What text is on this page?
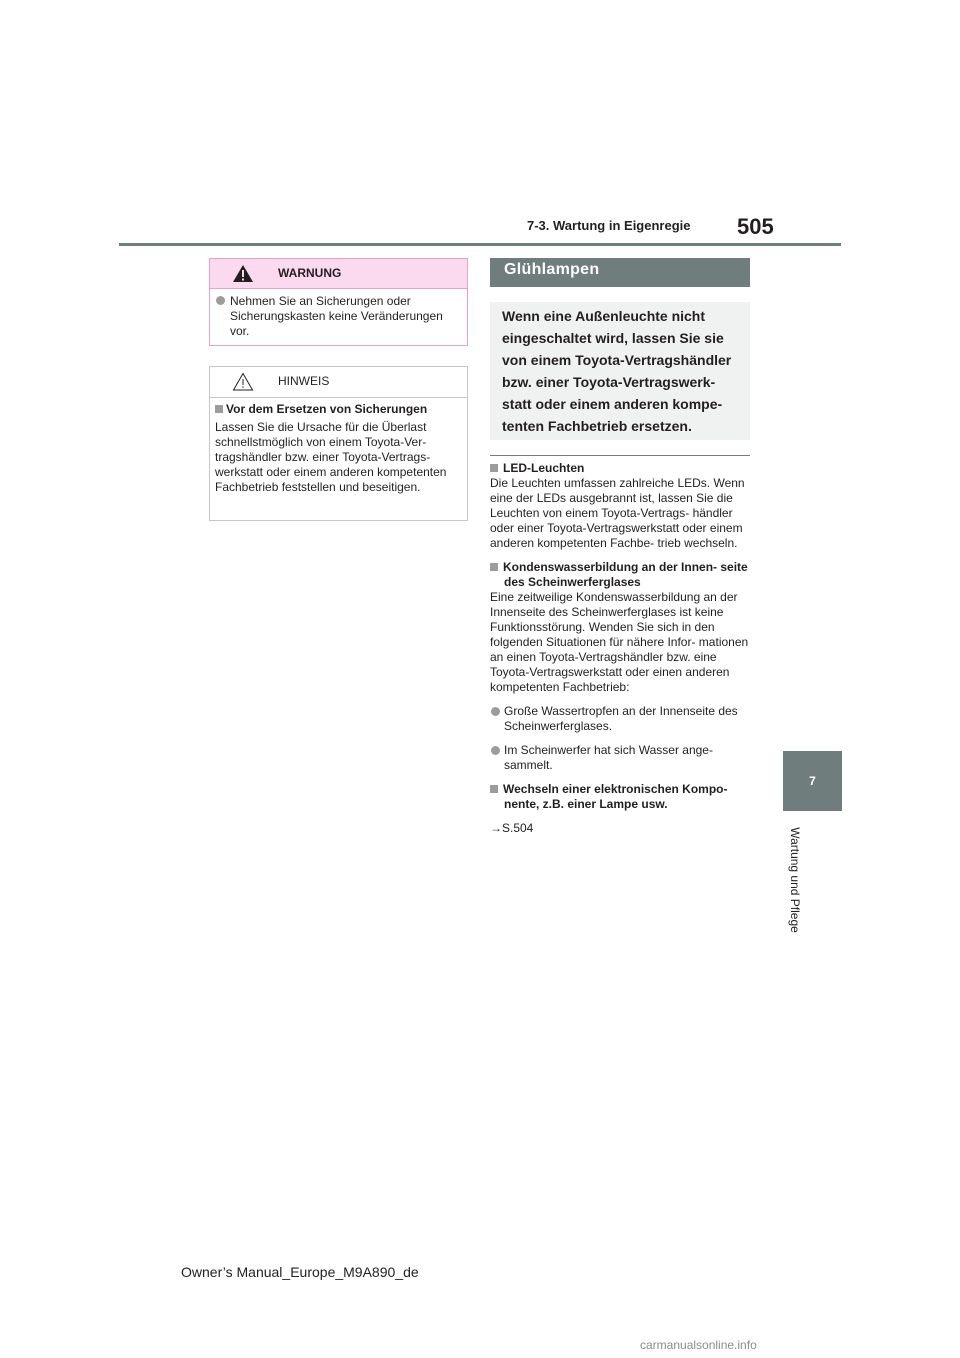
7-3. Wartung in Eigenregie 505
7
Wartung und Pflege
WARNUNG
Nehmen Sie an Sicherungen oder Sicherungskasten keine Veränderungen vor.
HINWEIS
Vor dem Ersetzen von Sicherungen
Lassen Sie die Ursache für die Überlast schnellstmöglich von einem Toyota-Ver- tragshändler bzw. einer Toyota-Vertrags- werkstatt oder einem anderen kompetenten Fachbetrieb feststellen und beseitigen.
Glühlampen
Wenn eine Außenleuchte nicht eingeschaltet wird, lassen Sie sie von einem Toyota-Vertragshändler bzw. einer Toyota-Vertragswerk- statt oder einem anderen kompe- tenten Fachbetrieb ersetzen.
LED-Leuchten

Die Leuchten umfassen zahlreiche LEDs. Wenn eine der LEDs ausgebrannt ist, lassen Sie die Leuchten von einem Toyota-Vertrags- händler oder einer Toyota-Vertragswerkstatt oder einem anderen kompetenten Fachbe- trieb wechseln.

Kondenswasserbildung an der Innen- seite des Scheinwerferglases

Eine zeitweilige Kondenswasserbildung an der Innenseite des Scheinwerferglases ist keine Funktionsstörung. Wenden Sie sich in den folgenden Situationen für nähere Infor- mationen an einen Toyota-Vertragshändler bzw. eine Toyota-Vertragswerkstatt oder einen anderen kompetenten Fachbetrieb:

Große Wassertropfen an der Innenseite des Scheinwerferglases.
Im Scheinwerfer hat sich Wasser ange- sammelt.
Wechseln einer elektronischen Kompo- nente, z.B. einer Lampe usw.

→S.504

Owner’s Manual_Europe_M9A890_de
carmanualsonline.info
